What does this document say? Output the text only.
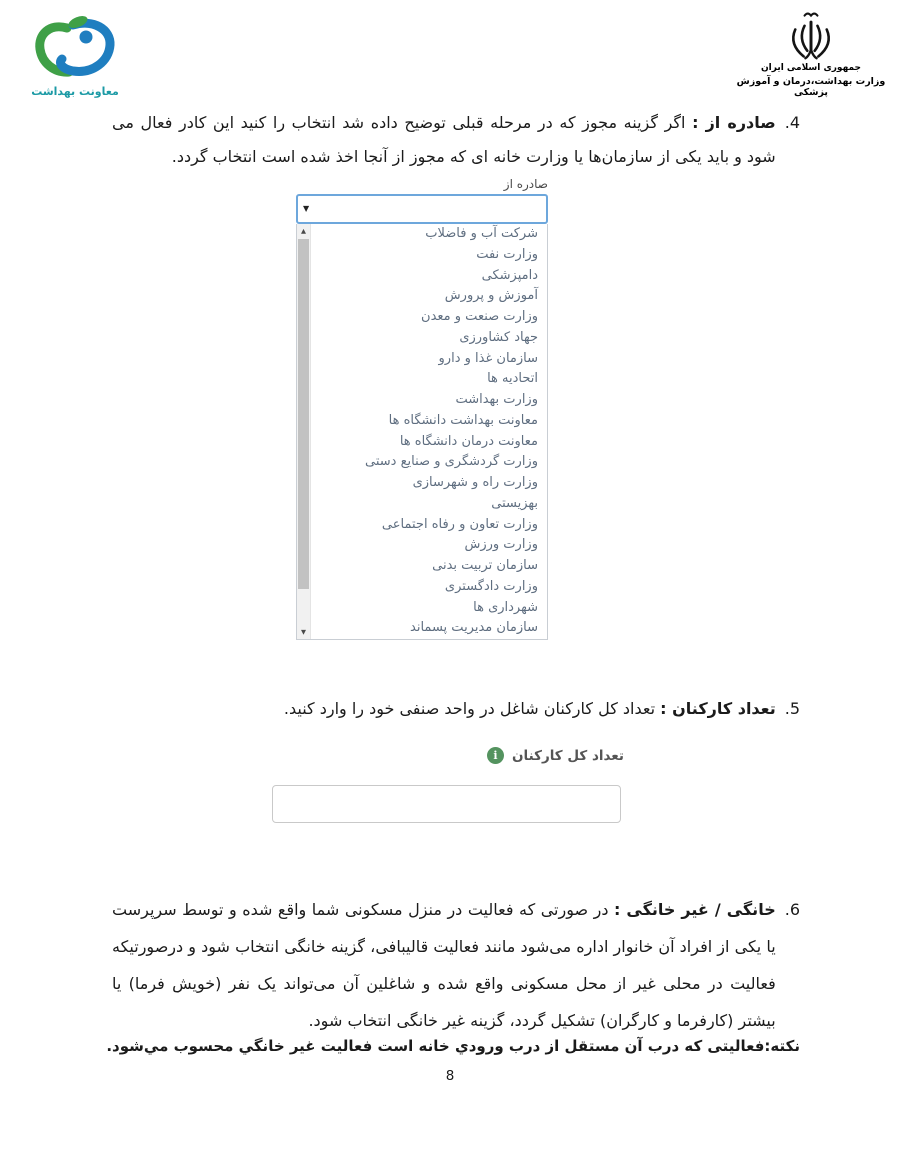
معاونت بهداشت
جمهوری اسلامی ایران
وزارت بهداشت،درمان و آموزش پزشکی
4.

صادره از : اگر گزینه مجوز که در مرحله قبلی توضیح داده شد انتخاب را کنید این کادر فعال می شود و باید یکی از سازمان‌ها یا وزارت خانه ای که مجوز از آنجا اخذ شده است انتخاب گردد.

صادره از
▼
▲
▼
شرکت آب و فاضلاب
وزارت نفت
دامپزشکی
آموزش و پرورش
وزارت صنعت و معدن
جهاد کشاورزی
سازمان غذا و دارو
اتحادیه ها
وزارت بهداشت
معاونت بهداشت دانشگاه ها
معاونت درمان دانشگاه ها
وزارت گردشگری و صنایع دستی
وزارت راه و شهرسازی
بهزیستی
وزارت تعاون و رفاه اجتماعی
وزارت ورزش
سازمان تربیت بدنی
وزارت دادگستری
شهرداری ها
سازمان مدیریت پسماند
5.

تعداد کارکنان : تعداد کل کارکنان شاغل در واحد صنفی خود را وارد کنید.

تعداد کل کارکنان
i
6.

خانگی / غیر خانگی : در صورتی که فعالیت در منزل مسکونی شما واقع شده و توسط سرپرست یا یکی از افراد آن خانوار اداره می‌شود مانند فعالیت قالیبافی، گزینه خانگی انتخاب شود و درصورتیکه فعالیت در محلی غیر از محل مسکونی واقع شده و شاغلین آن می‌تواند یک نفر (خویش فرما) یا بیشتر (کارفرما و کارگران) تشکیل گردد، گزینه غیر خانگی انتخاب شود.

نکته:فعالیتی که درب آن مستقل از درب ورودي خانه است فعالیت غیر خانگي محسوب مي‌شود.

8
